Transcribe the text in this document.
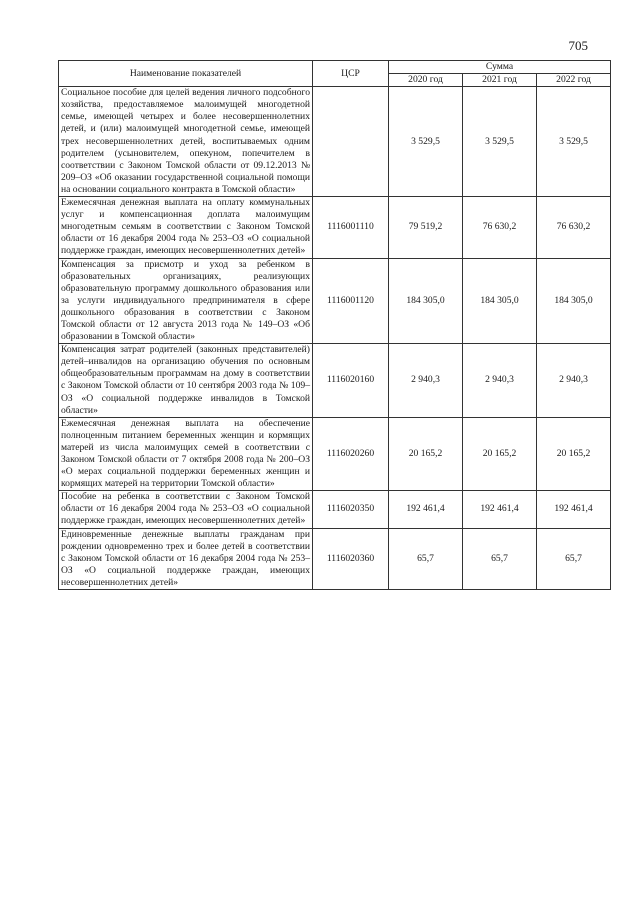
705
Наименование показателей	ЦСР	Сумма		
		2020 год	2021 год	2022 год
Социальное пособие для целей ведения личного подсобного хозяйства, предоставляемое малоимущей многодетной семье, имеющей четырех и более несовершеннолетних детей, и (или) малоимущей многодетной семье, имеющей трех несовершеннолетних детей, воспитываемых одним родителем (усыновителем, опекуном, попечителем в соответствии с Законом Томской области от 09.12.2013 № 209–ОЗ «Об оказании государственной социальной помощи на основании социального контракта в Томской области»		3 529,5	3 529,5	3 529,5
Ежемесячная денежная выплата на оплату коммунальных услуг и компенсационная доплата малоимущим многодетным семьям в соответствии с Законом Томской области от 16 декабря 2004 года № 253–ОЗ «О социальной поддержке граждан, имеющих несовершеннолетних детей»	1116001110	79 519,2	76 630,2	76 630,2
Компенсация за присмотр и уход за ребенком в образовательных организациях, реализующих образовательную программу дошкольного образования или за услуги индивидуального предпринимателя в сфере дошкольного образования в соответствии с Законом Томской области от 12 августа 2013 года № 149–ОЗ «Об образовании в Томской области»	1116001120	184 305,0	184 305,0	184 305,0
Компенсация затрат родителей (законных представителей) детей–инвалидов на организацию обучения по основным общеобразовательным программам на дому в соответствии с Законом Томской области от 10 сентября 2003 года № 109–ОЗ «О социальной поддержке инвалидов в Томской области»	1116020160	2 940,3	2 940,3	2 940,3
Ежемесячная денежная выплата на обеспечение полноценным питанием беременных женщин и кормящих матерей из числа малоимущих семей в соответствии с Законом Томской области от 7 октября 2008 года № 200–ОЗ «О мерах социальной поддержки беременных женщин и кормящих матерей на территории Томской области»	1116020260	20 165,2	20 165,2	20 165,2
Пособие на ребенка в соответствии с Законом Томской области от 16 декабря 2004 года № 253–ОЗ «О социальной поддержке граждан, имеющих несовершеннолетних детей»	1116020350	192 461,4	192 461,4	192 461,4
Единовременные денежные выплаты гражданам при рождении одновременно трех и более детей в соответствии с Законом Томской области от 16 декабря 2004 года № 253–ОЗ «О социальной поддержке граждан, имеющих несовершеннолетних детей»	1116020360	65,7	65,7	65,7
